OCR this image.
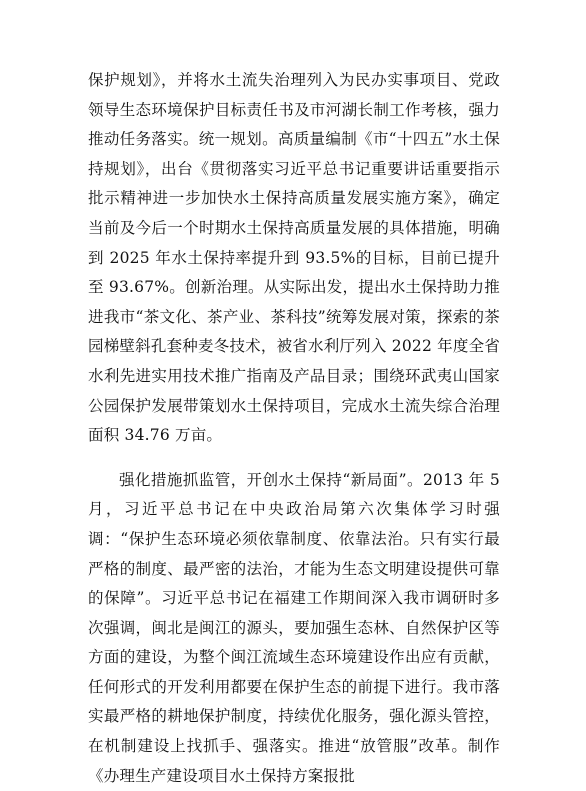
保护规划》，并将水土流失治理列入为民办实事项目、党政领导生态环境保护目标责任书及市河湖长制工作考核，强力推动任务落实。统一规划。高质量编制《市“十四五”水土保持规划》，出台《贯彻落实习近平总书记重要讲话重要指示批示精神进一步加快水土保持高质量发展实施方案》，确定当前及今后一个时期水土保持高质量发展的具体措施，明确到 2025 年水土保持率提升到 93.5%的目标，目前已提升至 93.67%。创新治理。从实际出发，提出水土保持助力推进我市“茶文化、茶产业、茶科技”统筹发展对策，探索的茶园梯壁斜孔套种麦冬技术，被省水利厅列入 2022 年度全省水利先进实用技术推广指南及产品目录；围绕环武夷山国家公园保护发展带策划水土保持项目，完成水土流失综合治理面积 34.76 万亩。

强化措施抓监管，开创水土保持“新局面”。2013 年 5 月，习近平总书记在中央政治局第六次集体学习时强调：“保护生态环境必须依靠制度、依靠法治。只有实行最严格的制度、最严密的法治，才能为生态文明建设提供可靠的保障”。习近平总书记在福建工作期间深入我市调研时多次强调，闽北是闽江的源头，要加强生态林、自然保护区等方面的建设，为整个闽江流域生态环境建设作出应有贡献，任何形式的开发利用都要在保护生态的前提下进行。我市落实最严格的耕地保护制度，持续优化服务，强化源头管控，在机制建设上找抓手、强落实。推进“放管服”改革。制作《办理生产建设项目水土保持方案报批
